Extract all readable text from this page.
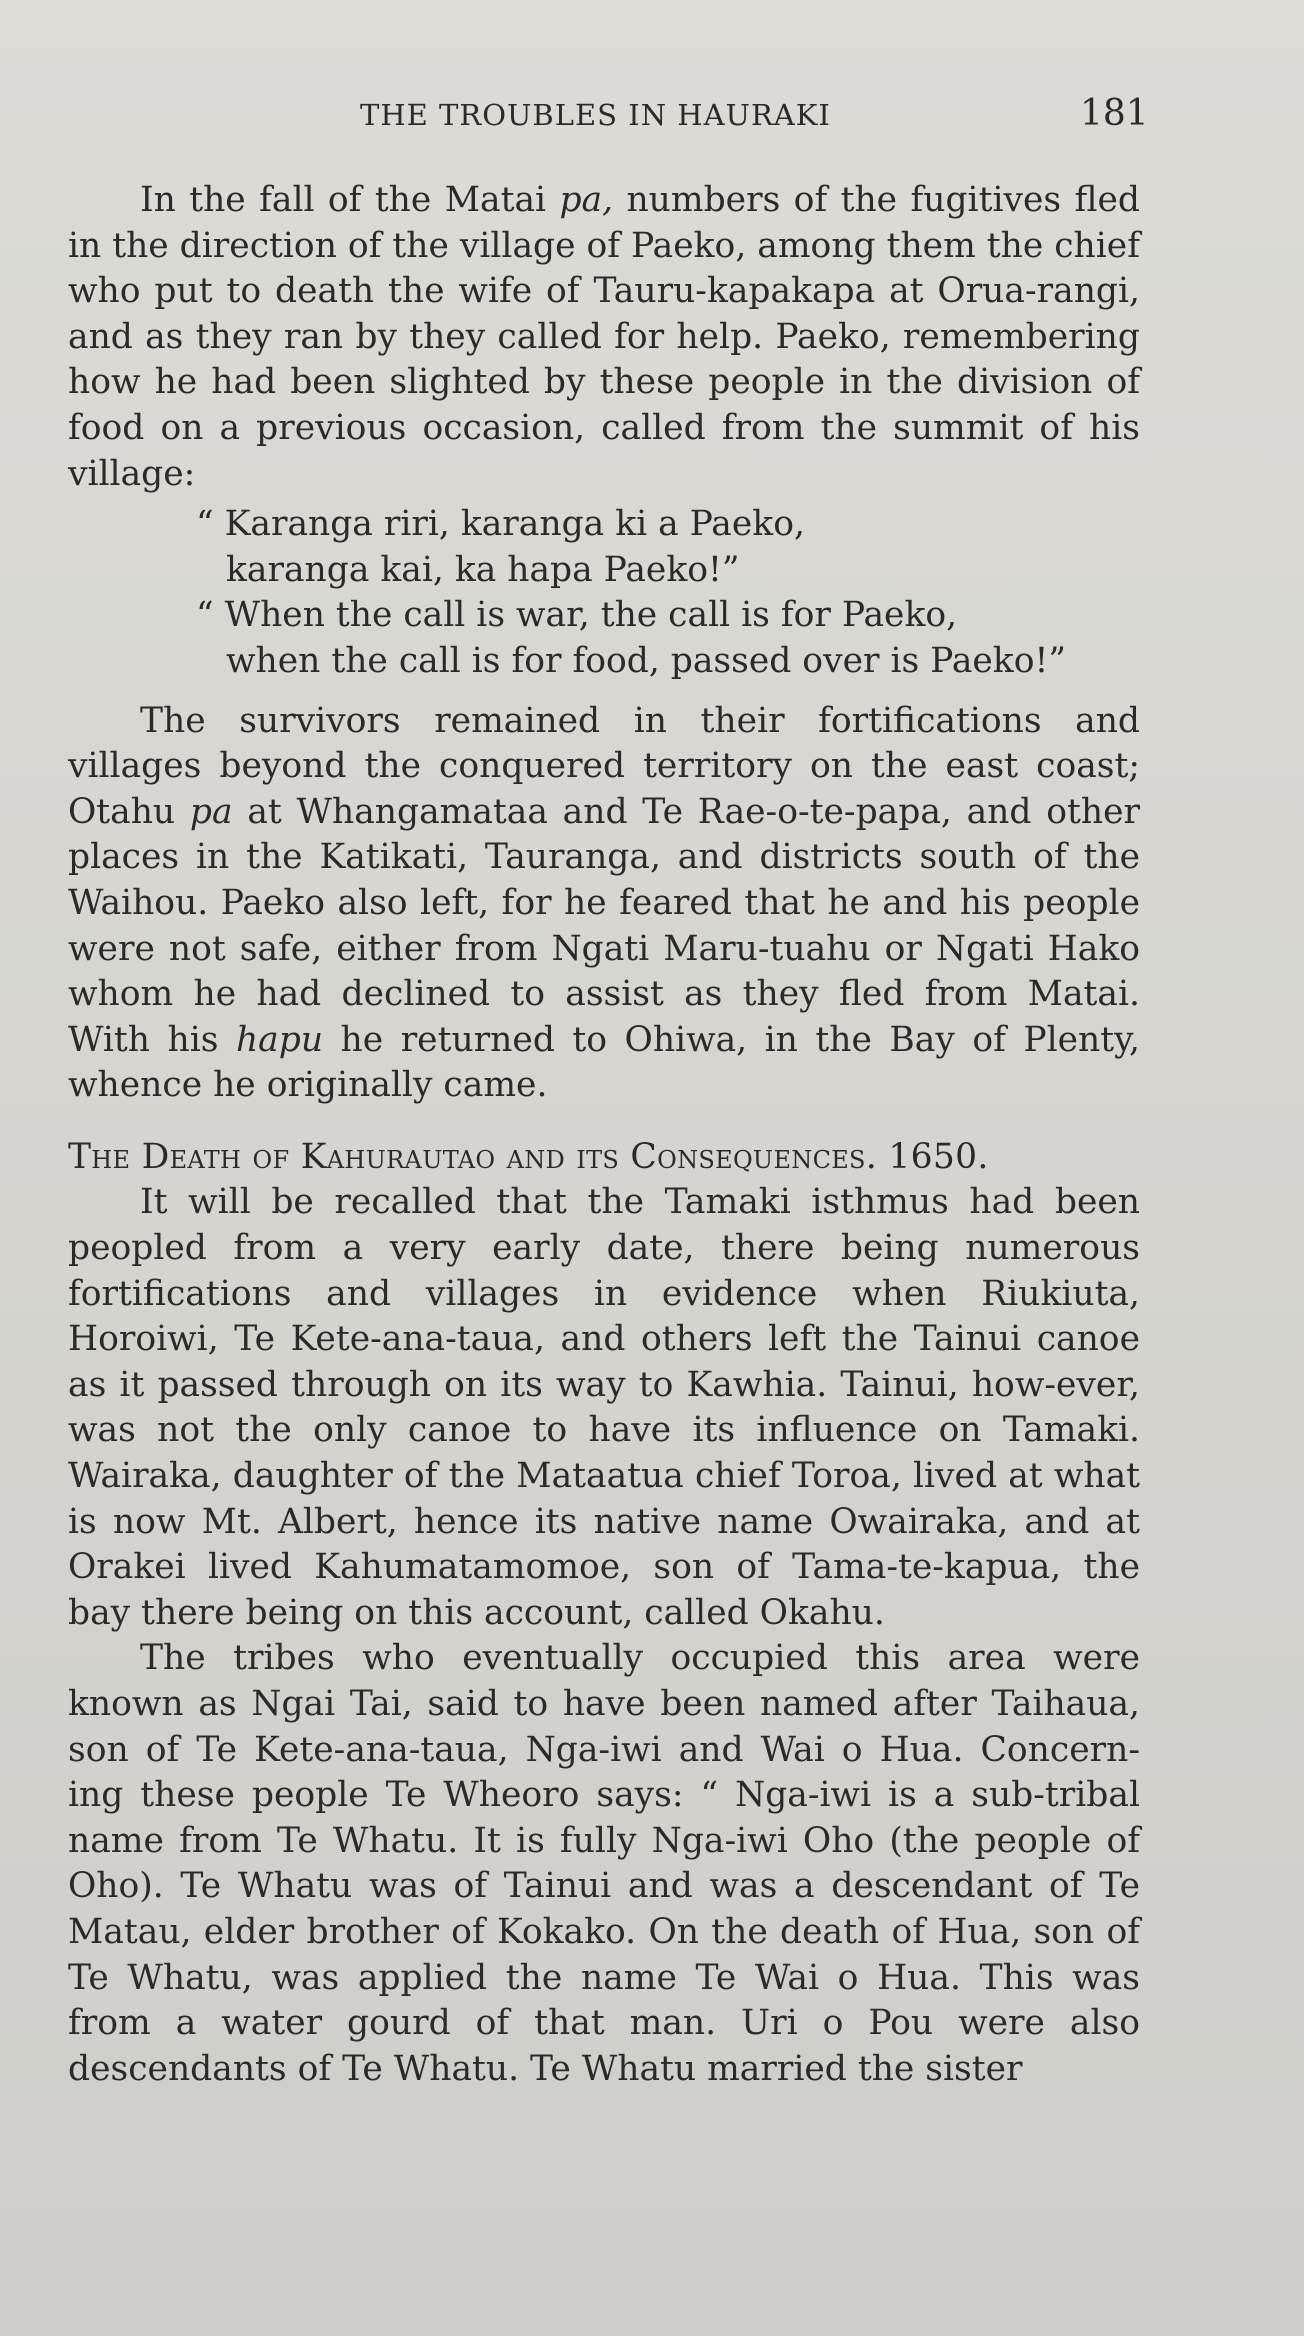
THE TROUBLES IN HAURAKI	181

In the fall of the Matai pa, numbers of the fugitives fled in the direction of the village of Paeko, among them the chief who put to death the wife of Tauru-kapakapa at Orua-rangi, and as they ran by they called for help. Paeko, remembering how he had been slighted by these people in the division of food on a previous occasion, called from the summit of his village:

“ Karanga riri, karanga ki a Paeko,
karanga kai, ka hapa Paeko!”
“ When the call is war, the call is for Paeko,
when the call is for food, passed over is Paeko!”

The survivors remained in their fortifications and villages beyond the conquered territory on the east coast; Otahu pa at Whangamataa and Te Rae-o-te-papa, and other places in the Katikati, Tauranga, and districts south of the Waihou. Paeko also left, for he feared that he and his people were not safe, either from Ngati Maru-tuahu or Ngati Hako whom he had declined to assist as they fled from Matai. With his hapu he returned to Ohiwa, in the Bay of Plenty, whence he originally came.

The Death of Kahurautao and its Consequences. 1650.

It will be recalled that the Tamaki isthmus had been peopled from a very early date, there being numerous fortifications and villages in evidence when Riukiuta, Horoiwi, Te Kete-ana-taua, and others left the Tainui canoe as it passed through on its way to Kawhia. Tainui, how-ever, was not the only canoe to have its influence on Tamaki. Wairaka, daughter of the Mataatua chief Toroa, lived at what is now Mt. Albert, hence its native name Owairaka, and at Orakei lived Kahumatamomoe, son of Tama-te-kapua, the bay there being on this account, called Okahu.

The tribes who eventually occupied this area were known as Ngai Tai, said to have been named after Taihaua, son of Te Kete-ana-taua, Nga-iwi and Wai o Hua. Concern-ing these people Te Wheoro says: “ Nga-iwi is a sub-tribal name from Te Whatu. It is fully Nga-iwi Oho (the people of Oho). Te Whatu was of Tainui and was a descendant of Te Matau, elder brother of Kokako. On the death of Hua, son of Te Whatu, was applied the name Te Wai o Hua. This was from a water gourd of that man. Uri o Pou were also descendants of Te Whatu. Te Whatu married the sister
